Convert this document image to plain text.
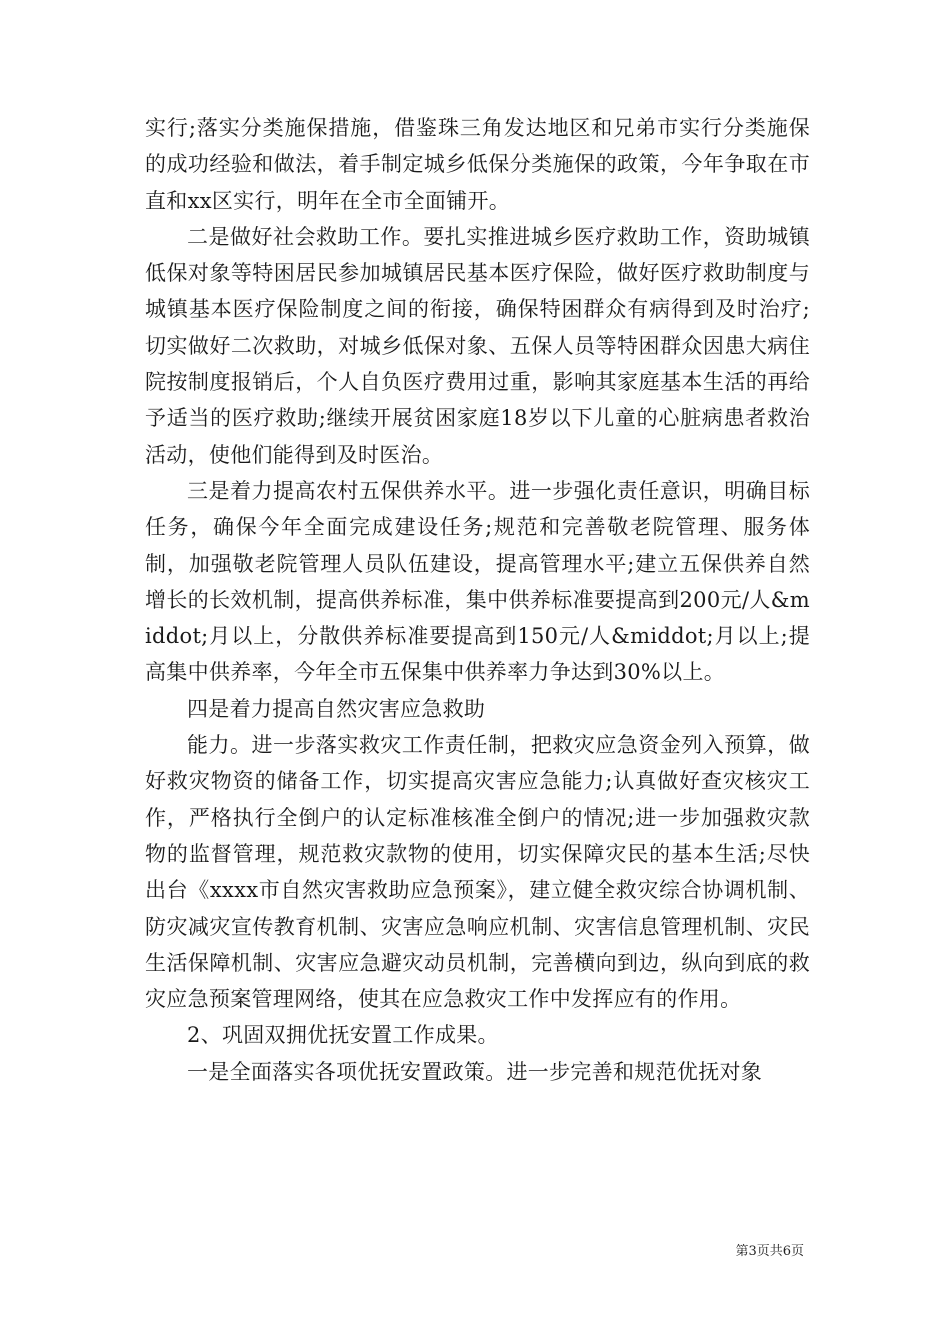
实行;落实分类施保措施，借鉴珠三角发达地区和兄弟市实行分类施保的成功经验和做法，着手制定城乡低保分类施保的政策，今年争取在市直和xx区实行，明年在全市全面铺开。

二是做好社会救助工作。要扎实推进城乡医疗救助工作，资助城镇低保对象等特困居民参加城镇居民基本医疗保险，做好医疗救助制度与城镇基本医疗保险制度之间的衔接，确保特困群众有病得到及时治疗;切实做好二次救助，对城乡低保对象、五保人员等特困群众因患大病住院按制度报销后，个人自负医疗费用过重，影响其家庭基本生活的再给予适当的医疗救助;继续开展贫困家庭18岁以下儿童的心脏病患者救治活动，使他们能得到及时医治。

三是着力提高农村五保供养水平。进一步强化责任意识，明确目标任务，确保今年全面完成建设任务;规范和完善敬老院管理、服务体制，加强敬老院管理人员队伍建设，提高管理水平;建立五保供养自然增长的长效机制，提高供养标准，集中供养标准要提高到200元/人&middot;月以上，分散供养标准要提高到150元/人&middot;月以上;提高集中供养率，今年全市五保集中供养率力争达到30%以上。

四是着力提高自然灾害应急救助

能力。进一步落实救灾工作责任制，把救灾应急资金列入预算，做好救灾物资的储备工作，切实提高灾害应急能力;认真做好查灾核灾工作，严格执行全倒户的认定标准核准全倒户的情况;进一步加强救灾款物的监督管理，规范救灾款物的使用，切实保障灾民的基本生活;尽快出台《xxxx市自然灾害救助应急预案》，建立健全救灾综合协调机制、防灾减灾宣传教育机制、灾害应急响应机制、灾害信息管理机制、灾民生活保障机制、灾害应急避灾动员机制，完善横向到边，纵向到底的救灾应急预案管理网络，使其在应急救灾工作中发挥应有的作用。

2、巩固双拥优抚安置工作成果。

一是全面落实各项优抚安置政策。进一步完善和规范优抚对象

第3页共6页
